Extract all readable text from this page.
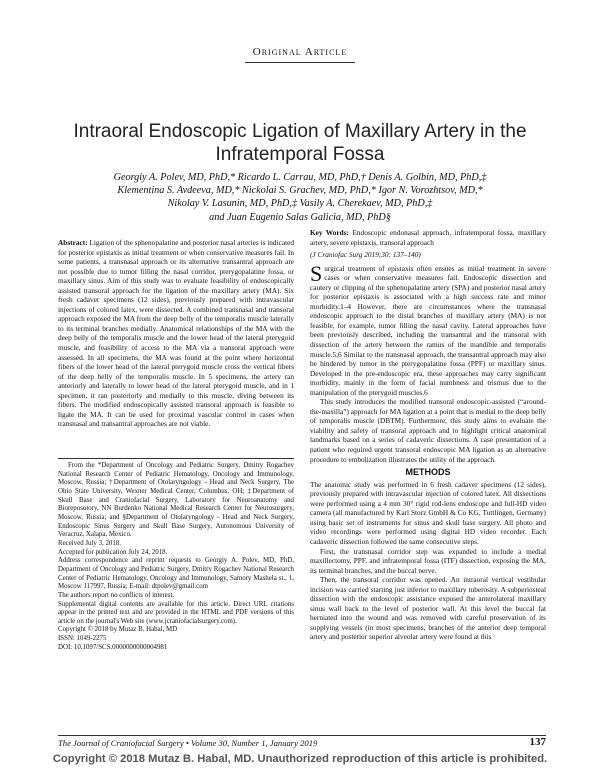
Original Article
Intraoral Endoscopic Ligation of Maxillary Artery in the Infratemporal Fossa
Georgiy A. Polev, MD, PhD,* Ricardo L. Carrau, MD, PhD,† Denis A. Golbin, MD, PhD,‡
Klementina S. Avdeeva, MD,* Nickolai S. Grachev, MD, PhD,* Igor N. Vorozhtsov, MD,*
Nikolay V. Lasunin, MD, PhD,‡ Vasily A. Cherekaev, MD, PhD,‡
and Juan Eugenio Salas Galicia, MD, PhD§

Abstract: Ligation of the sphenopalatine and posterior nasal arteries is indicated for posterior epistaxis as initial treatment or when conservative measures fail. In some patients, a transnasal approach or its alternative transantral approach are not possible due to tumor filling the nasal corridor, pterygopalatine fossa, or maxillary sinus. Aim of this study was to evaluate feasibility of endoscopically assisted transoral approach for the ligation of the maxillary artery (MA). Six fresh cadaver specimens (12 sides), previously prepared with intravascular injections of colored latex, were dissected. A combined transnasal and transoral approach exposed the MA from the deep belly of the temporalis muscle laterally to its terminal branches medially. Anatomical relationships of the MA with the deep belly of the temporalis muscle and the lower head of the lateral pterygoid muscle, and feasibility of access to the MA via a transoral approach were assessed. In all specimens, the MA was found at the point where horizontal fibers of the lower head of the lateral pterygoid muscle cross the vertical fibers of the deep belly of the temporalis muscle. In 5 specimens, the artery ran anteriorly and laterally to lower head of the lateral pterygoid muscle, and in 1 specimen, it ran posteriorly and medially to this muscle, diving between its fibers. The modified endoscopically assisted transoral approach is feasible to ligate the MA. It can be used for proximal vascular control in cases when transnasal and transantral approaches are not viable.

From the *Department of Oncology and Pediatric Surgery, Dmitry Rogachev National Research Center of Pediatric Hematology, Oncology and Immunology, Moscow, Russia; †Department of Otolaryngology - Head and Neck Surgery, The Ohio State University, Wexner Medical Center, Columbus, OH; ‡Department of Skull Base and Craniofacial Surgery, Laboratory for Neuroanatomy and Bioreposotory, NN Burdenko National Medical Research Center for Neurosurgery, Moscow, Russia; and §Department of Otolaryngology - Head and Neck Surgery, Endoscopic Sinus Surgery and Skull Base Surgery, Autonomous University of Veracruz, Xalapa, Mexico.

Received July 3, 2018.

Accepted for publication July 24, 2018.

Address correspondence and reprint requests to Georgiy A. Polev, MD, PhD, Department of Oncology and Pediatric Surgery, Dmitry Rogachev National Research Center of Pediatric Hematology, Oncology and Immunology, Samory Mashela st., 1, Moscow 117997, Russia; E-mail: dtpolev@gmail.com

The authors report no conflicts of interest.

Supplemental digital contents are available for this article. Direct URL citations appear in the printed text and are provided in the HTML and PDF versions of this article on the journal's Web site (www.jcraniofacialsurgery.com).

Copyright © 2018 by Mutaz B. Habal, MD

ISSN: 1049-2275

DOI: 10.1097/SCS.0000000000004981

Key Words: Endoscopic endonasal approach, infratemporal fossa, maxillary artery, severe epistaxis, transoral approach

(J Craniofac Surg 2019;30: 137–140)

Surgical treatment of epistaxis often ensues as initial treatment in severe cases or when conservative measures fail. Endoscopic dissection and cautery or clipping of the sphenopalatine artery (SPA) and posterior nasal artery for posterior epistaxis is associated with a high success rate and minor morbidity.1–4 However, there are circumstances where the transnasal endoscopic approach to the distal branches of maxillary artery (MA) is not feasible, for example, tumor filling the nasal cavity. Lateral approaches have been previously described, including the transantral and the transoral with dissection of the artery between the ramus of the mandible and temporalis muscle.5,6 Similar to the transnasal approach, the transantral approach may also be hindered by tumor in the pterygopalatine fossa (PPF) or maxillary sinus. Developed in the pre-endoscopic era, these approaches may carry significant morbidity, mainly in the form of facial numbness and trismus due to the manipulation of the pterygoid muscles.6

This study introduces the modified transoral endoscopic-assisted (“around-the-maxilla”) approach for MA ligation at a point that is medial to the deep belly of temporalis muscle (DBTM). Furthermore, this study aims to evaluate the viability and safety of transoral approach and to highlight critical anatomical landmarks based on a series of cadaveric dissections. A case presentation of a patient who required urgent transoral endoscopic MA ligation as an alternative procedure to embolization illustrates the utility of the approach.

METHODS

The anatomic study was performed in 6 fresh cadaver specimens (12 sides), previously prepared with intravascular injection of colored latex. All dissections were performed using a 4 mm 30° rigid rod-lens endoscope and full-HD video camera (all manufactured by Karl Storz GmbH & Co KG, Tuttlingen, Germany) using basic set of instruments for sinus and skull base surgery. All photo and video recordings were performed using digital HD video recorder. Each cadaveric dissection followed the same consecutive steps.

First, the transnasal corridor step was expanded to include a medial maxillectomy, PPF, and infratemporal fossa (ITF) dissection, exposing the MA, its terminal branches, and the buccal nerve.

Then, the transoral corridor was opened. An intraoral vertical vestibular incision was carried starting just inferior to maxillary tuberosity. A subperiosteal dissection with the endoscopic assistance exposed the anterolateral maxillary sinus wall back to the level of posterior wall. At this level the buccal fat herniated into the wound and was removed with careful preservation of its supplying vessels (in most specimens, branches of the anterior deep temporal artery and posterior superior alveolar artery were found at this

The Journal of Craniofacial Surgery • Volume 30, Number 1, January 2019	137
Copyright © 2018 Mutaz B. Habal, MD. Unauthorized reproduction of this article is prohibited.
